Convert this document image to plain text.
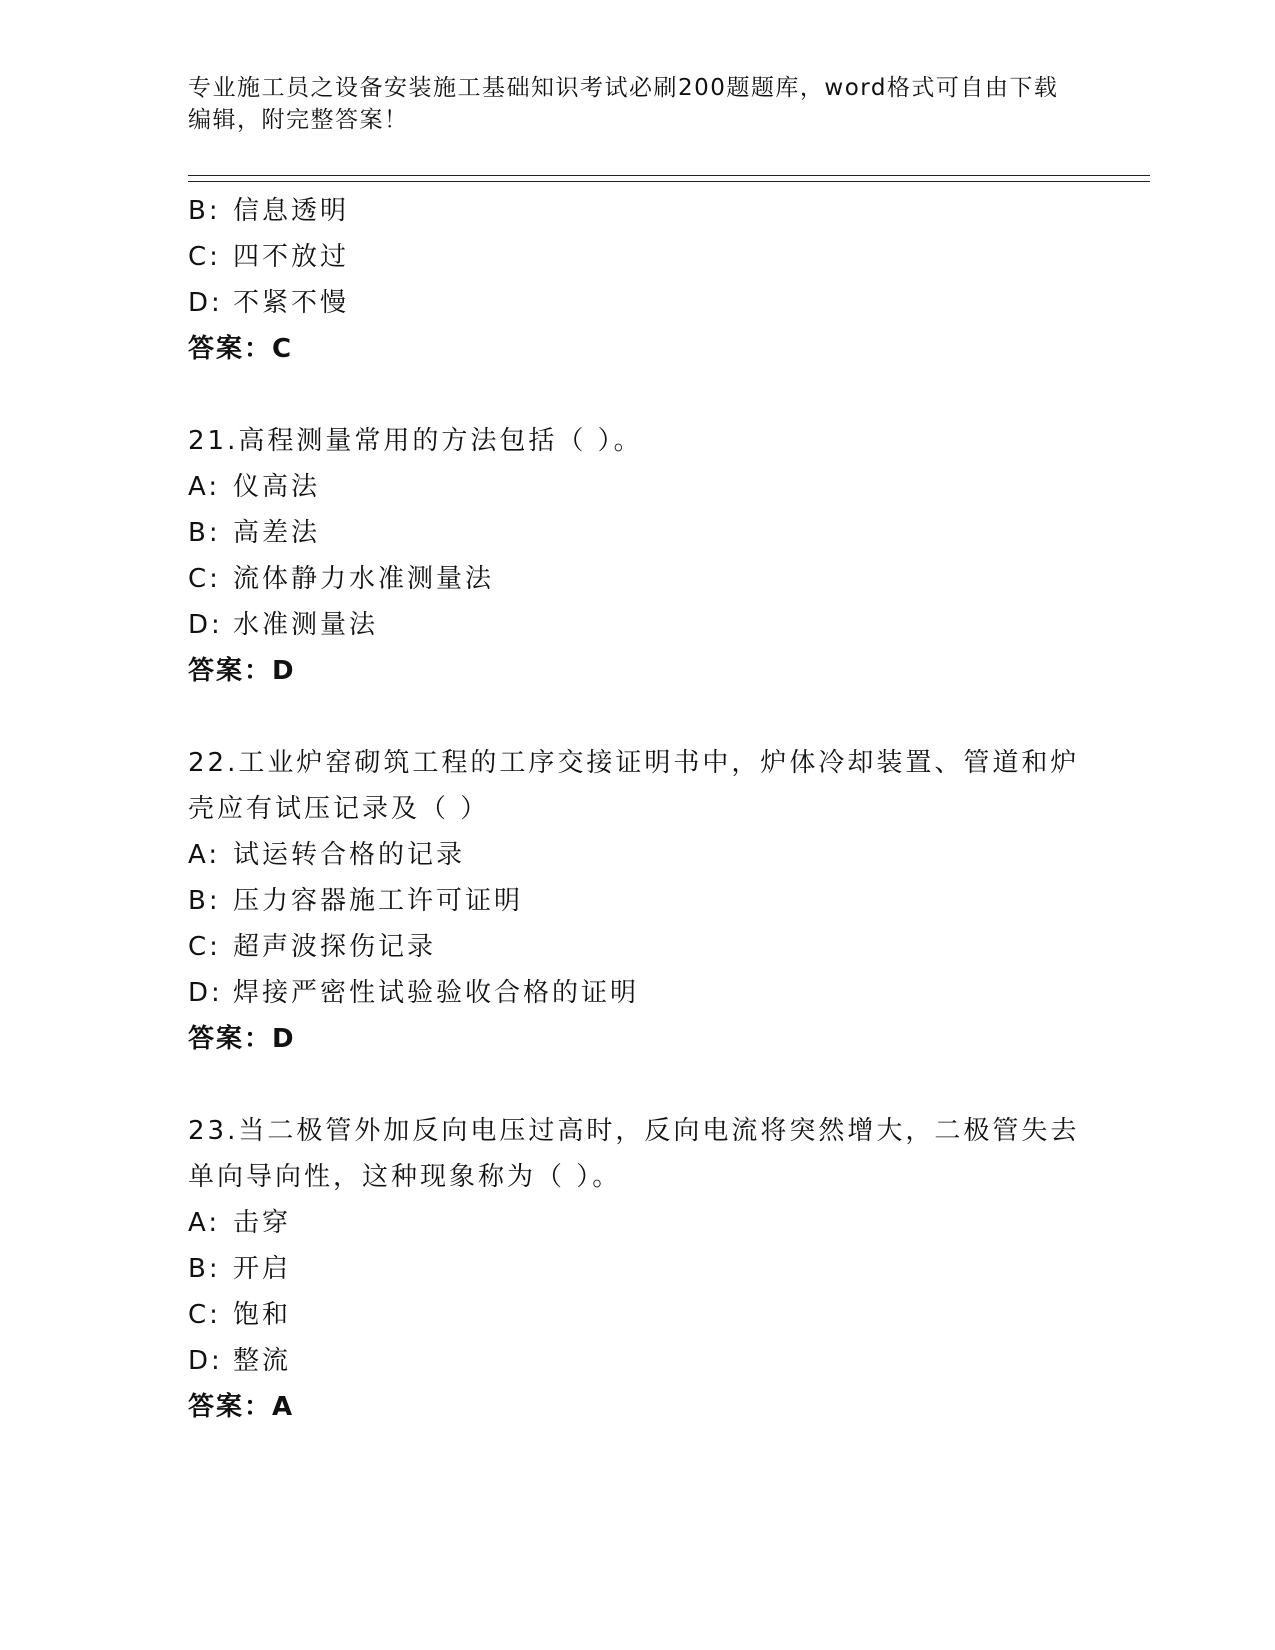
专业施工员之设备安装施工基础知识考试必刷200题题库，word格式可自由下载
编辑，附完整答案！
B: 信息透明
C: 四不放过
D: 不紧不慢
答案：C
21.高程测量常用的方法包括（ ）。
A: 仪高法
B: 高差法
C: 流体静力水准测量法
D: 水准测量法
答案：D
22.工业炉窑砌筑工程的工序交接证明书中，炉体冷却装置、管道和炉
壳应有试压记录及（ ）
A: 试运转合格的记录
B: 压力容器施工许可证明
C: 超声波探伤记录
D: 焊接严密性试验验收合格的证明
答案：D
23.当二极管外加反向电压过高时，反向电流将突然增大，二极管失去
单向导向性，这种现象称为（ ）。
A: 击穿
B: 开启
C: 饱和
D: 整流
答案：A
